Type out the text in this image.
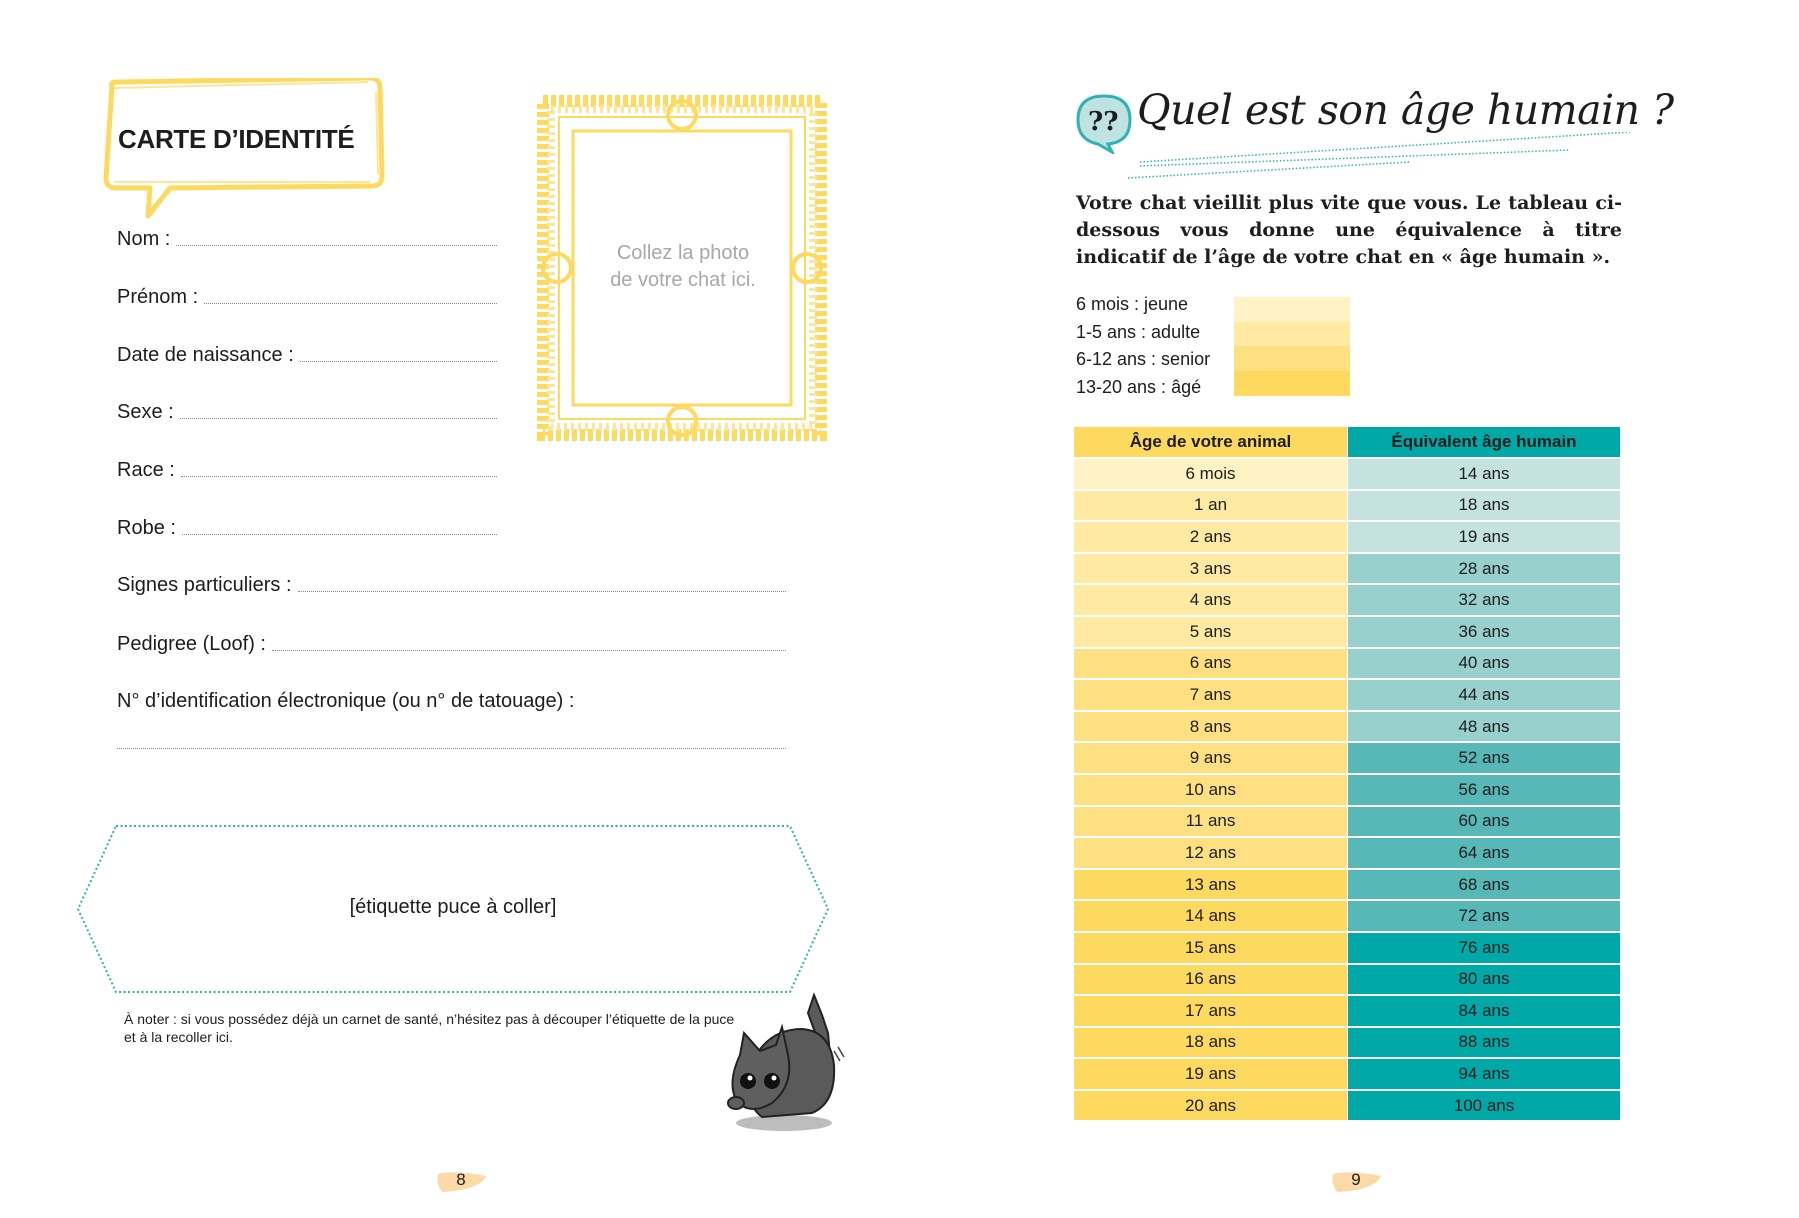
CARTE D’IDENTITÉ
Collez la photo
de votre chat ici.
Nom :
Prénom :
Date de naissance :
Sexe :
Race :
Robe :
Signes particuliers :
Pedigree (Loof) :
N° d’identification électronique (ou n° de tatouage) :
[étiquette puce à coller]
À noter : si vous possédez déjà un carnet de santé, n’hésitez pas à découper l’étiquette de la puce et à la recoller ici.
8
?? Quel est son âge humain ?
Votre chat vieillit plus vite que vous. Le tableau ci-dessous vous donne une équivalence à titre indicatif de l’âge de votre chat en « âge humain ».
6 mois : jeune
1-5 ans : adulte
6-12 ans : senior
13-20 ans : âgé
Âge de votre animal	Équivalent âge humain
6 mois	14 ans
1 an	18 ans
2 ans	19 ans
3 ans	28 ans
4 ans	32 ans
5 ans	36 ans
6 ans	40 ans
7 ans	44 ans
8 ans	48 ans
9 ans	52 ans
10 ans	56 ans
11 ans	60 ans
12 ans	64 ans
13 ans	68 ans
14 ans	72 ans
15 ans	76 ans
16 ans	80 ans
17 ans	84 ans
18 ans	88 ans
19 ans	94 ans
20 ans	100 ans
9
